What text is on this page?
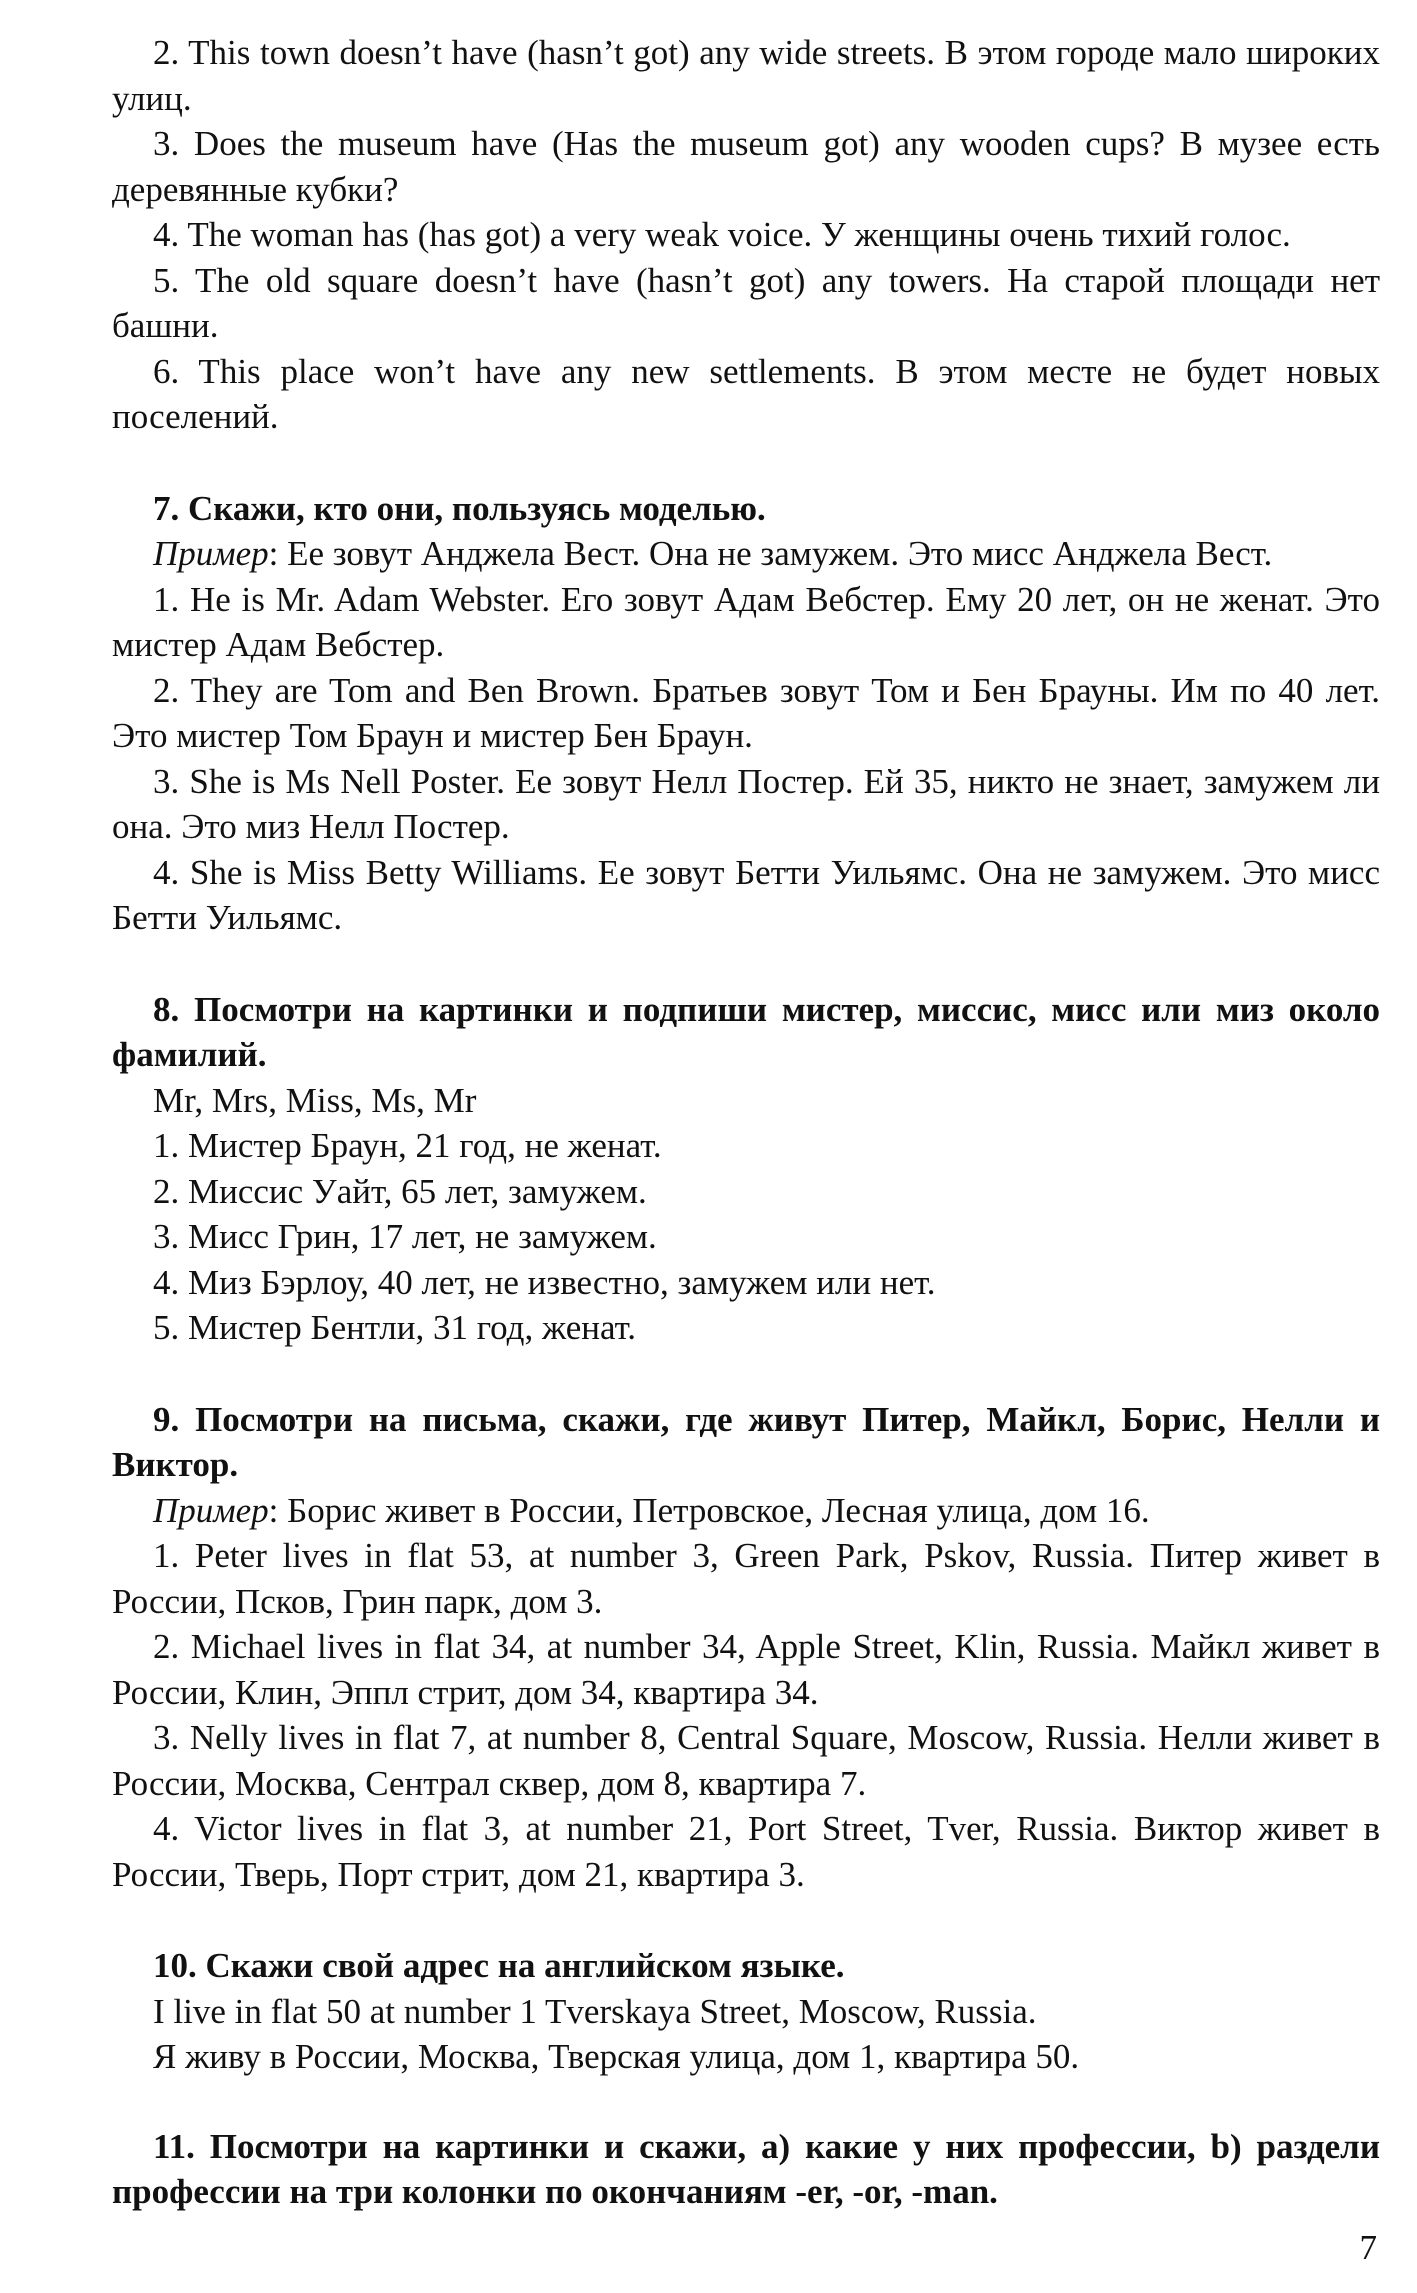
2. This town doesn’t have (hasn’t got) any wide streets. В этом городе мало широких улиц.

3. Does the museum have (Has the museum got) any wooden cups? В музее есть деревянные кубки?

4. The woman has (has got) a very weak voice. У женщины очень тихий голос.

5. The old square doesn’t have (hasn’t got) any towers. На старой площади нет башни.

6. This place won’t have any new settlements. В этом месте не будет новых поселений.

7. Скажи, кто они, пользуясь моделью.

Пример: Ее зовут Анджела Вест. Она не замужем. Это мисс Анджела Вест.

1. He is Mr. Adam Webster. Его зовут Адам Вебстер. Ему 20 лет, он не женат. Это мистер Адам Вебстер.

2. They are Tom and Ben Brown. Братьев зовут Том и Бен Брауны. Им по 40 лет. Это мистер Том Браун и мистер Бен Браун.

3. She is Ms Nell Poster. Ее зовут Нелл Постер. Ей 35, никто не знает, замужем ли она. Это миз Нелл Постер.

4. She is Miss Betty Williams. Ее зовут Бетти Уильямс. Она не замужем. Это мисс Бетти Уильямс.

8. Посмотри на картинки и подпиши мистер, миссис, мисс или миз около фамилий.

Mr, Mrs, Miss, Ms, Mr

1. Мистер Браун, 21 год, не женат.

2. Миссис Уайт, 65 лет, замужем.

3. Мисс Грин, 17 лет, не замужем.

4. Миз Бэрлоу, 40 лет, не известно, замужем или нет.

5. Мистер Бентли, 31 год, женат.

9. Посмотри на письма, скажи, где живут Питер, Майкл, Борис, Нелли и Виктор.

Пример: Борис живет в России, Петровское, Лесная улица, дом 16.

1. Peter lives in flat 53, at number 3, Green Park, Pskov, Russia. Питер живет в России, Псков, Грин парк, дом 3.

2. Michael lives in flat 34, at number 34, Apple Street, Klin, Russia. Майкл живет в России, Клин, Эппл стрит, дом 34, квартира 34.

3. Nelly lives in flat 7, at number 8, Central Square, Moscow, Russia. Нелли живет в России, Москва, Сентрал сквер, дом 8, квартира 7.

4. Victor lives in flat 3, at number 21, Port Street, Tver, Russia. Виктор живет в России, Тверь, Порт стрит, дом 21, квартира 3.

10. Скажи свой адрес на английском языке.

I live in flat 50 at number 1 Tverskaya Street, Moscow, Russia.

Я живу в России, Москва, Тверская улица, дом 1, квартира 50.

11. Посмотри на картинки и скажи, а) какие у них профессии, b) раздели профессии на три колонки по окончаниям -er, -or, -man.
7
